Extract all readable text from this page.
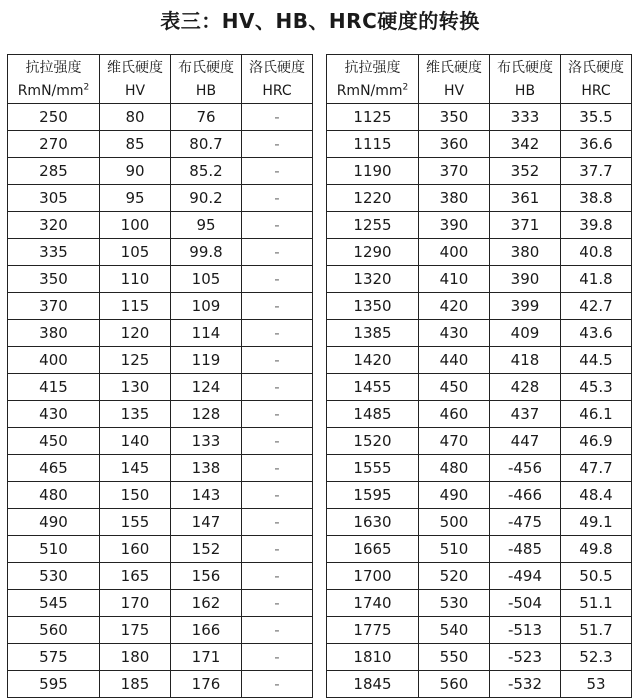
表三：HV、HB、HRC硬度的转换
抗拉强度	维氏硬度	布氏硬度	洛氏硬度
RmN/$mm^2$	HV	HB	HRC
250	80	76	-
270	85	80.7	-
285	90	85.2	-
305	95	90.2	-
320	100	95	-
335	105	99.8	-
350	110	105	-
370	115	109	-
380	120	114	-
400	125	119	-
415	130	124	-
430	135	128	-
450	140	133	-
465	145	138	-
480	150	143	-
490	155	147	-
510	160	152	-
530	165	156	-
545	170	162	-
560	175	166	-
575	180	171	-
595	185	176	-
抗拉强度	维氏硬度	布氏硬度	洛氏硬度
RmN/$mm^2$	HV	HB	HRC
1125	350	333	35.5
1115	360	342	36.6
1190	370	352	37.7
1220	380	361	38.8
1255	390	371	39.8
1290	400	380	40.8
1320	410	390	41.8
1350	420	399	42.7
1385	430	409	43.6
1420	440	418	44.5
1455	450	428	45.3
1485	460	437	46.1
1520	470	447	46.9
1555	480	-456	47.7
1595	490	-466	48.4
1630	500	-475	49.1
1665	510	-485	49.8
1700	520	-494	50.5
1740	530	-504	51.1
1775	540	-513	51.7
1810	550	-523	52.3
1845	560	-532	53
